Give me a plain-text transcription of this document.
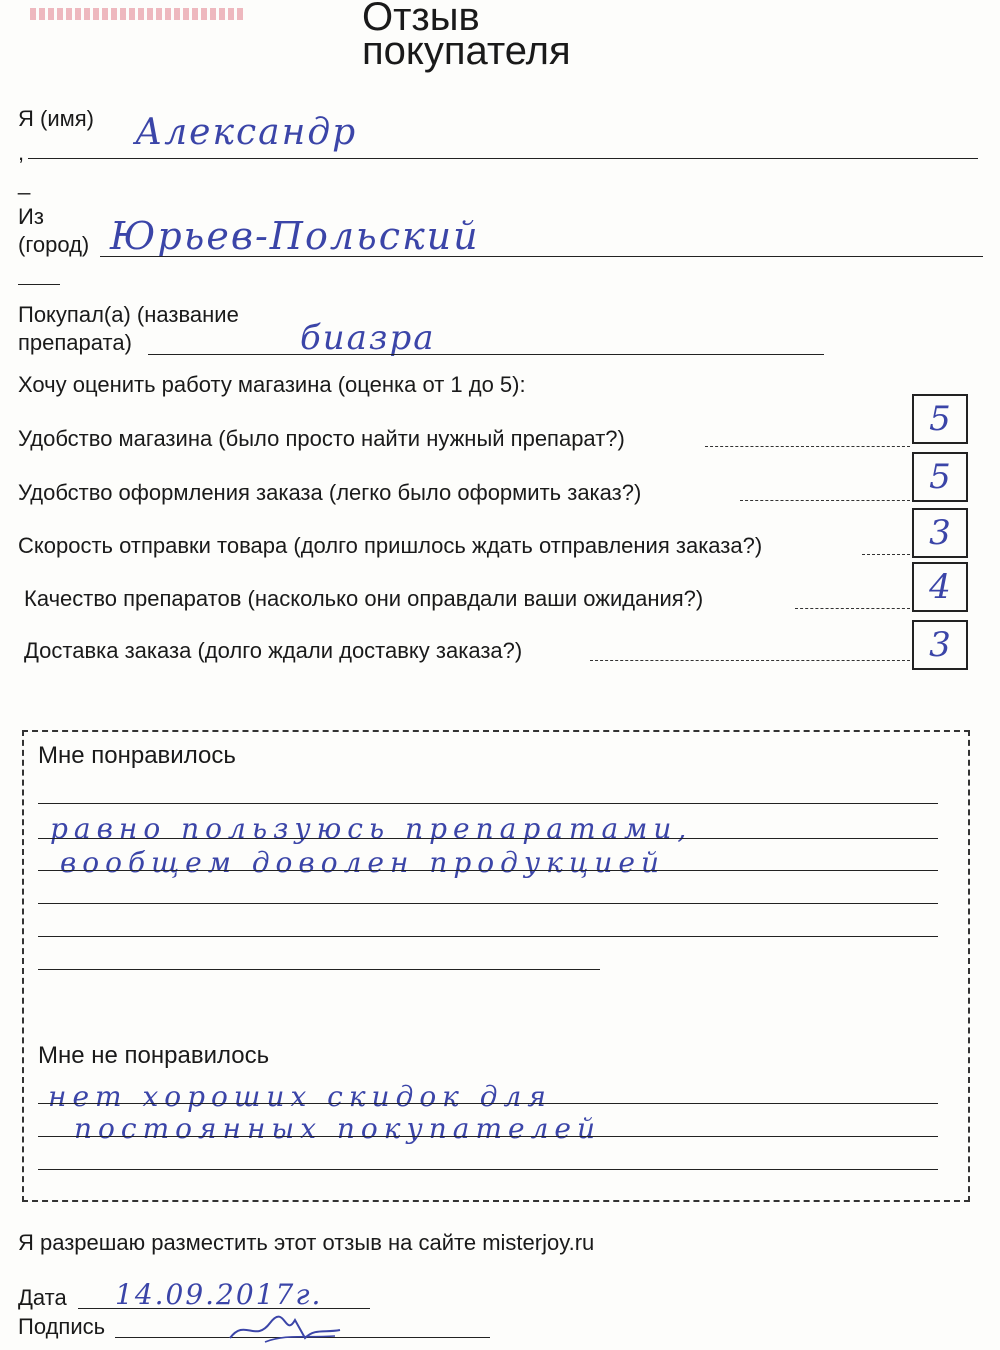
Отзыв
покупателя
Я (имя) Александр
,
_
Из
(город) Юрьев-Польский
Покупал(а) (название
препарата)	биазра
Хочу оценить работу магазина (оценка от 1 до 5):
Удобство магазина (было просто найти нужный препарат?)	5
Удобство оформления заказа (легко было оформить заказ?)	5
Скорость отправки товара (долго пришлось ждать отправления заказа?)	3
Качество препаратов (насколько они оправдали ваши ожидания?)	4
Доставка заказа (долго ждали доставку заказа?)	3
Мне понравилось
равно пользуюсь препаратами,
вообщем доволен продукцией
Мне не понравилось
нет хороших скидок для
постоянных покупателей
Я разрешаю разместить этот отзыв на сайте misterjoy.ru
Дата 14.09.2017г.
Подпись
